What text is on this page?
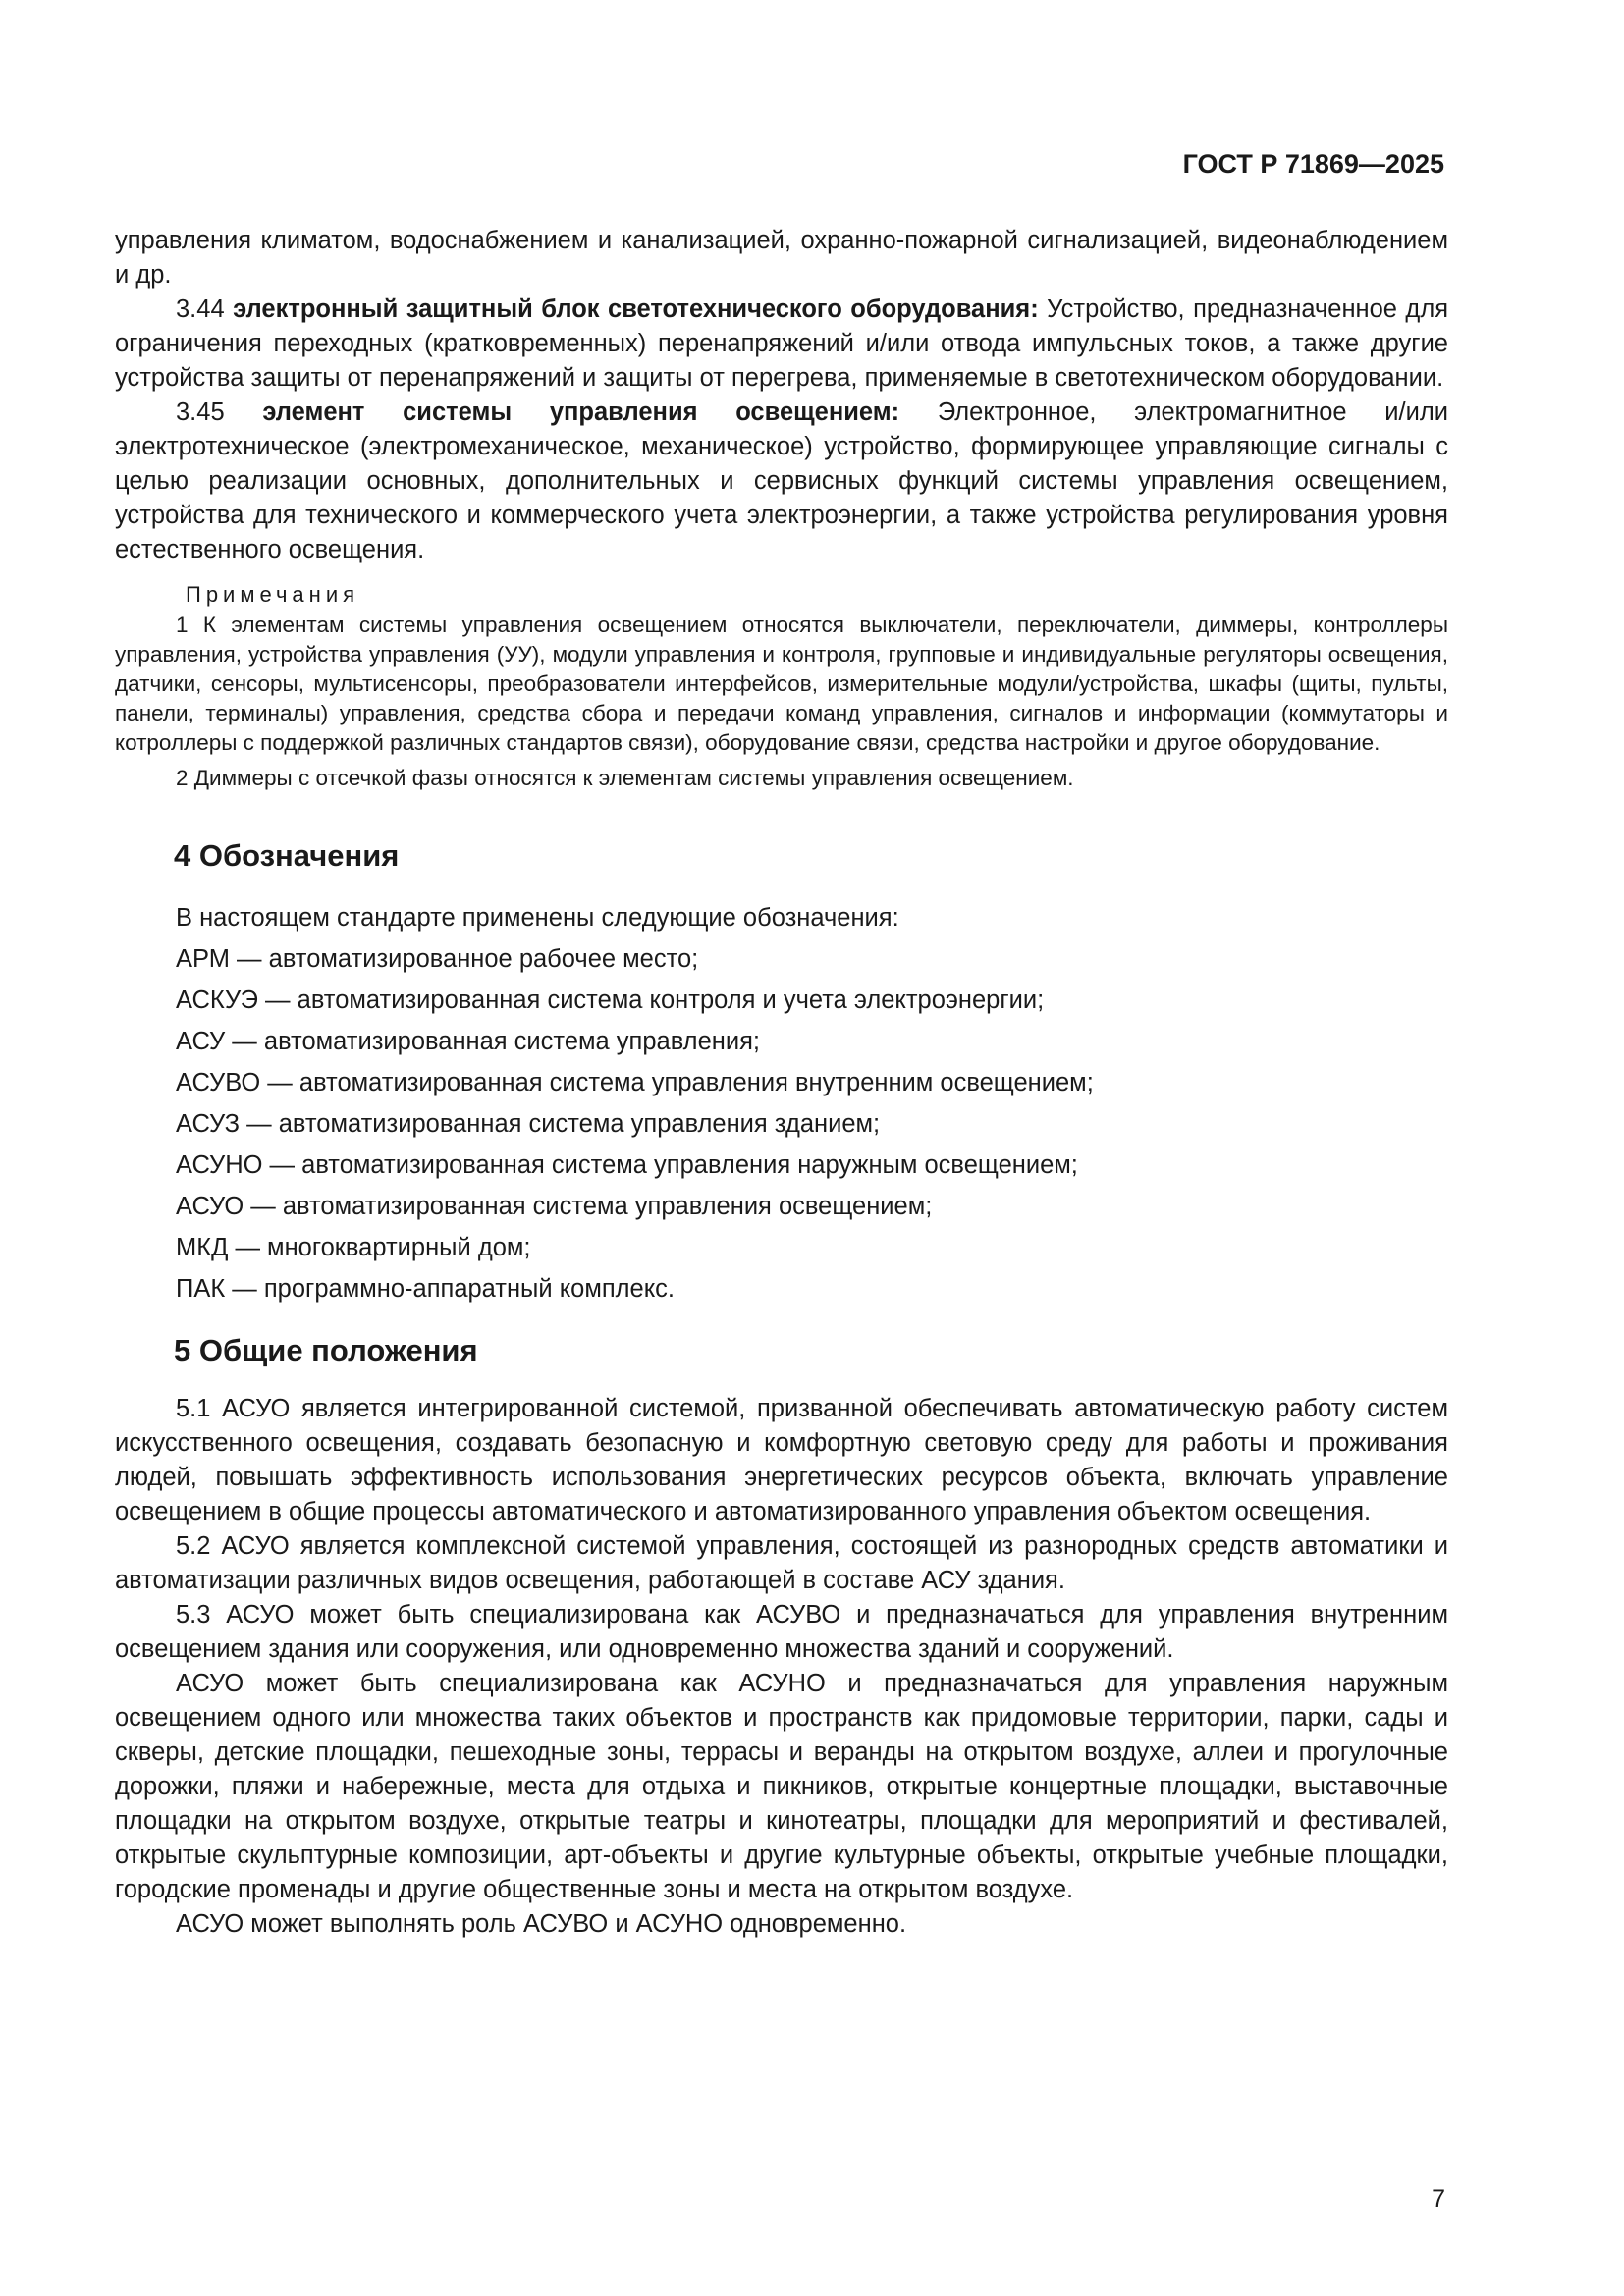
ГОСТ Р 71869—2025

управления климатом, водоснабжением и канализацией, охранно-пожарной сигнализацией, видеонаблюдением и др.

3.44 электронный защитный блок светотехнического оборудования: Устройство, предназначенное для ограничения переходных (кратковременных) перенапряжений и/или отвода импульсных токов, а также другие устройства защиты от перенапряжений и защиты от перегрева, применяемые в светотехническом оборудовании.

3.45 элемент системы управления освещением: Электронное, электромагнитное и/или электротехническое (электромеханическое, механическое) устройство, формирующее управляющие сигналы с целью реализации основных, дополнительных и сервисных функций системы управления освещением, устройства для технического и коммерческого учета электроэнергии, а также устройства регулирования уровня естественного освещения.

Примечания

1 К элементам системы управления освещением относятся выключатели, переключатели, диммеры, контроллеры управления, устройства управления (УУ), модули управления и контроля, групповые и индивидуальные регуляторы освещения, датчики, сенсоры, мультисенсоры, преобразователи интерфейсов, измерительные модули/устройства, шкафы (щиты, пульты, панели, терминалы) управления, средства сбора и передачи команд управления, сигналов и информации (коммутаторы и котроллеры с поддержкой различных стандартов связи), оборудование связи, средства настройки и другое оборудование.

2 Диммеры с отсечкой фазы относятся к элементам системы управления освещением.

4 Обозначения

В настоящем стандарте применены следующие обозначения:

АРМ — автоматизированное рабочее место;

АСКУЭ — автоматизированная система контроля и учета электроэнергии;

АСУ — автоматизированная система управления;

АСУВО — автоматизированная система управления внутренним освещением;

АСУЗ — автоматизированная система управления зданием;

АСУНО — автоматизированная система управления наружным освещением;

АСУО — автоматизированная система управления освещением;

МКД — многоквартирный дом;

ПАК — программно-аппаратный комплекс.

5 Общие положения

5.1 АСУО является интегрированной системой, призванной обеспечивать автоматическую работу систем искусственного освещения, создавать безопасную и комфортную световую среду для работы и проживания людей, повышать эффективность использования энергетических ресурсов объекта, включать управление освещением в общие процессы автоматического и автоматизированного управления объектом освещения.

5.2 АСУО является комплексной системой управления, состоящей из разнородных средств автоматики и автоматизации различных видов освещения, работающей в составе АСУ здания.

5.3 АСУО может быть специализирована как АСУВО и предназначаться для управления внутренним освещением здания или сооружения, или одновременно множества зданий и сооружений.

АСУО может быть специализирована как АСУНО и предназначаться для управления наружным освещением одного или множества таких объектов и пространств как придомовые территории, парки, сады и скверы, детские площадки, пешеходные зоны, террасы и веранды на открытом воздухе, аллеи и прогулочные дорожки, пляжи и набережные, места для отдыха и пикников, открытые концертные площадки, выставочные площадки на открытом воздухе, открытые театры и кинотеатры, площадки для мероприятий и фестивалей, открытые скульптурные композиции, арт-объекты и другие культурные объекты, открытые учебные площадки, городские променады и другие общественные зоны и места на открытом воздухе.

АСУО может выполнять роль АСУВО и АСУНО одновременно.

7
